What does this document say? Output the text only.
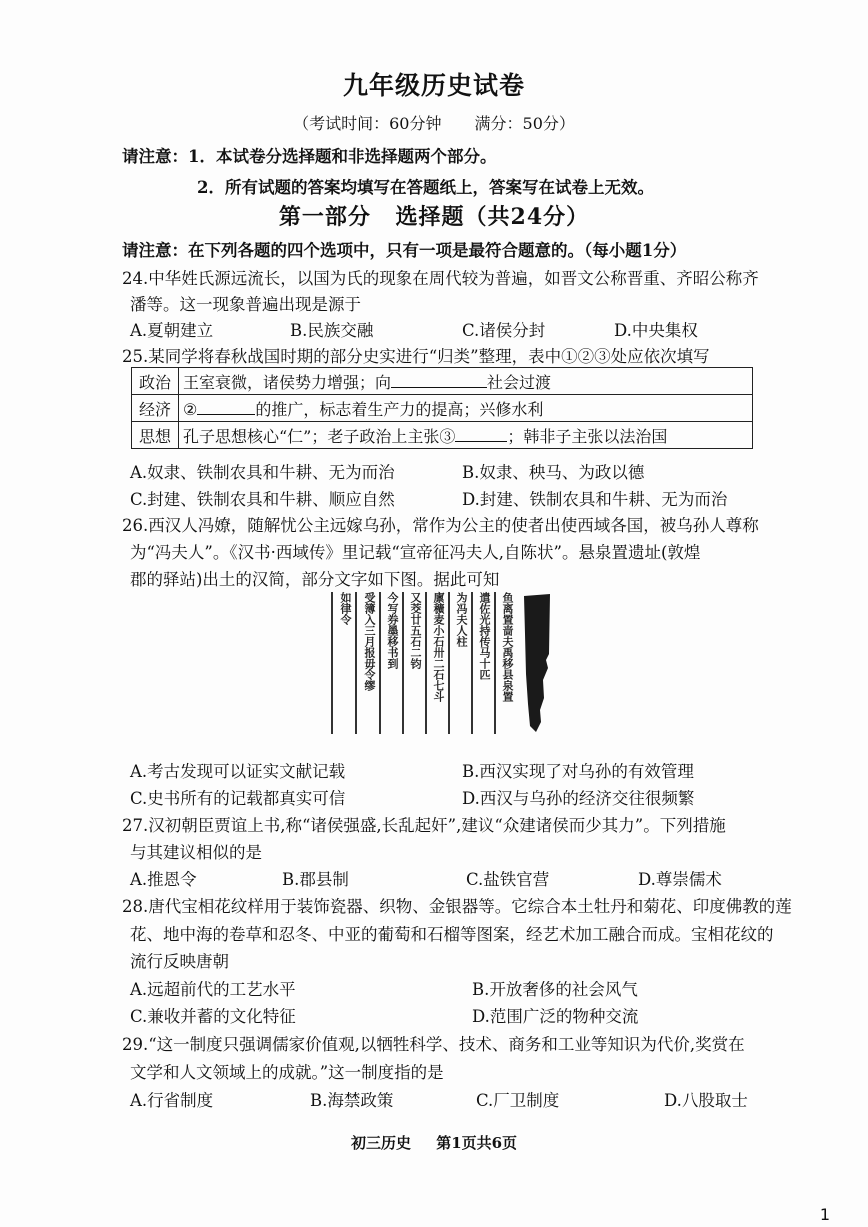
九年级历史试卷
（考试时间：60分钟 满分：50分）
请注意：1．本试卷分选择题和非选择题两个部分。
2．所有试题的答案均填写在答题纸上，答案写在试卷上无效。
第一部分 选择题（共24分）
请注意：在下列各题的四个选项中，只有一项是最符合题意的。（每小题1分）
24.中华姓氏源远流长，以国为氏的现象在周代较为普遍，如晋文公称晋重、齐昭公称齐
潘等。这一现象普遍出现是源于
A.夏朝建立	B.民族交融	C.诸侯分封	D.中央集权
25.某同学将春秋战国时期的部分史实进行“归类”整理，表中①②③处应依次填写
政治	王室衰微，诸侯势力增强；向 社会过渡
经济	② 的推广，标志着生产力的提高；兴修水利
思想	孔子思想核心“仁”；老子政治上主张③ ；韩非子主张以法治国
A.奴隶、铁制农具和牛耕、无为而治	B.奴隶、秧马、为政以德
C.封建、铁制农具和牛耕、顺应自然	D.封建、铁制农具和牛耕、无为而治
26.西汉人冯嫽，随解忧公主远嫁乌孙，常作为公主的使者出使西域各国，被乌孙人尊称
为“冯夫人”。《汉书·西域传》里记载“宣帝征冯夫人,自陈状”。悬泉置遗址(敦煌
郡的驿站)出土的汉简，部分文字如下图。据此可知
如律令 受簿入三月报毋令缪 今写券墨移书到 又茭廿五石二钧 廪穬麦小石卅二石七斗 为冯夫人柱 遣佐光持传马十匹 鱼离置啬夫禹移县泉置
A.考古发现可以证实文献记载	B.西汉实现了对乌孙的有效管理
C.史书所有的记载都真实可信	D.西汉与乌孙的经济交往很频繁
27.汉初朝臣贾谊上书,称“诸侯强盛,长乱起奸”,建议“众建诸侯而少其力”。下列措施
与其建议相似的是
A.推恩令	B.郡县制	C.盐铁官营	D.尊崇儒术
28.唐代宝相花纹样用于装饰瓷器、织物、金银器等。它综合本土牡丹和菊花、印度佛教的莲
花、地中海的卷草和忍冬、中亚的葡萄和石榴等图案，经艺术加工融合而成。宝相花纹的
流行反映唐朝
A.远超前代的工艺水平	B.开放奢侈的社会风气
C.兼收并蓄的文化特征	D.范围广泛的物种交流
29.“这一制度只强调儒家价值观,以牺牲科学、技术、商务和工业等知识为代价,奖赏在
文学和人文领域上的成就。”这一制度指的是
A.行省制度	B.海禁政策	C.厂卫制度	D.八股取士
初三历史 第1页共6页
1
